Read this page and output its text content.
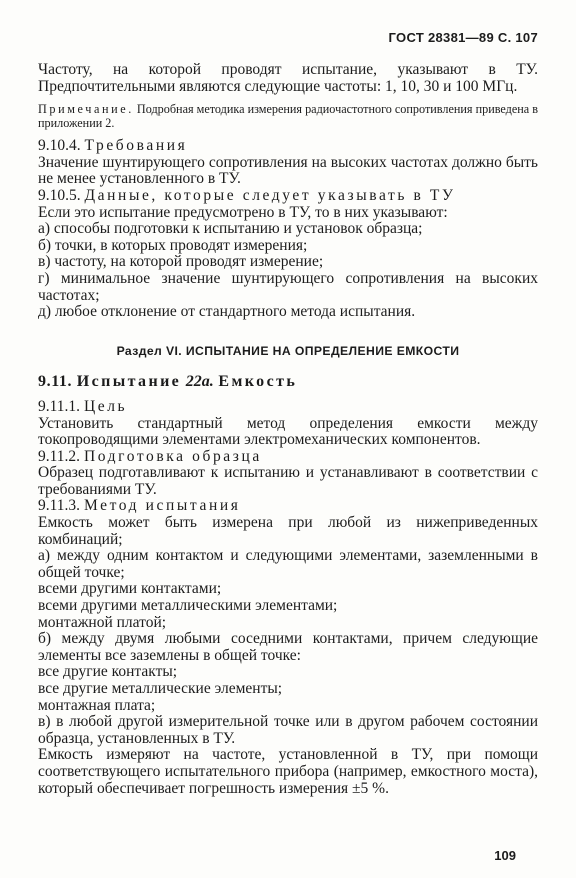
ГОСТ 28381—89 С. 107

Частоту, на которой проводят испытание, указывают в ТУ. Предпочтительными являются следующие частоты: 1, 10, 30 и 100 МГц.

Примечание. Подробная методика измерения радиочастотного сопротивления приведена в приложении 2.

9.10.4. Требования

Значение шунтирующего сопротивления на высоких частотах должно быть не менее установленного в ТУ.

9.10.5. Данные, которые следует указывать в ТУ

Если это испытание предусмотрено в ТУ, то в них указывают:

а) способы подготовки к испытанию и установок образца;

б) точки, в которых проводят измерения;

в) частоту, на которой проводят измерение;

г) минимальное значение шунтирующего сопротивления на высоких частотах;

д) любое отклонение от стандартного метода испытания.

Раздел VI. ИСПЫТАНИЕ НА ОПРЕДЕЛЕНИЕ ЕМКОСТИ

9.11. Испытание 22а. Емкость

9.11.1. Цель

Установить стандартный метод определения емкости между токопроводящими элементами электромеханических компонентов.

9.11.2. Подготовка образца

Образец подготавливают к испытанию и устанавливают в соответствии с требованиями ТУ.

9.11.3. Метод испытания

Емкость может быть измерена при любой из нижеприведенных комбинаций;

а) между одним контактом и следующими элементами, заземленными в общей точке;

всеми другими контактами;

всеми другими металлическими элементами;

монтажной платой;

б) между двумя любыми соседними контактами, причем следующие элементы все заземлены в общей точке:

все другие контакты;

все другие металлические элементы;

монтажная плата;

в) в любой другой измерительной точке или в другом рабочем состоянии образца, установленных в ТУ.

Емкость измеряют на частоте, установленной в ТУ, при помощи соответствующего испытательного прибора (например, емкостного моста), который обеспечивает погрешность измерения ±5 %.

109
